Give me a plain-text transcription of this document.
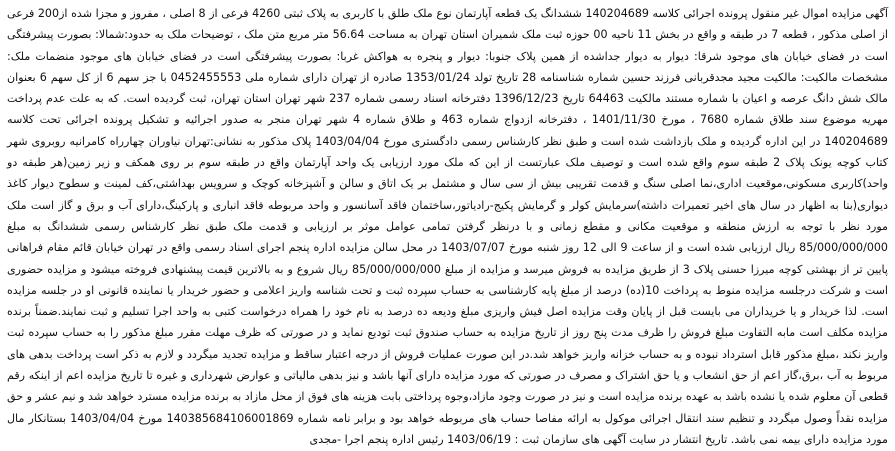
آگهی مزایده اموال غیر منقول پرونده اجرائی کلاسه 140204689 ششدانگ یک قطعه آپارتمان نوع ملک طلق با کاربری به پلاک ثبتی 4260 فرعی از 8 اصلی ، مفروز و مجزا شده از200 فرعی از اصلی مذکور ، قطعه 7 در طبقه و واقع در بخش 11 ناحیه 00 حوزه ثبت ملک شمیران استان تهران به مساحت 56.64 متر مربع متن ملک ، توضیحات ملک به حدود:شمالا: بصورت پیشرفتگی است در فضای خیابان های موجود شرقا: دیوار به دیوار جداشده از همین پلاک جنوبا: دیوار و پنجره به هواکش غربا: بصورت پیشرفتگی است در فضای خیابان های موجود منضمات ملک: مشخصات مالکیت: مالکیت مجید مجدقربانی فرزند حسین شماره شناسنامه 28 تاریخ تولد 1353/01/24 صادره از تهران دارای شماره ملی 0452455553 با جز سهم 6 از کل سهم 6 بعنوان مالک شش دانگ عرصه و اعیان با شماره مستند مالکیت 64463 تاریخ 1396/12/23 دفترخانه اسناد رسمی شماره 237 شهر تهران استان تهران، ثبت گردیده است. که به علت عدم پرداخت مهریه موضوع سند طلاق شماره 7680 ، مورخ 1401/11/30 ، دفترخانه ازدواج شماره 463 و طلاق شماره 4 شهر تهران منجر به صدور اجرائیه و تشکیل پرونده اجرائی تحت کلاسه 140204689 در این اداره گردیده و ملک بازداشت شده است و طبق نظر کارشناس رسمی دادگستری مورخ 1403/04/04 پلاک مذکور به نشانی:تهران نیاوران چهارراه کامرانیه روبروی شهر کتاب کوچه یونک پلاک 2 طبقه سوم واقع شده است و توصیف ملک عبارتست از این که ملک مورد ارزیابی یک واحد آپارتمان واقع در طبقه سوم بر روی همکف و زیر زمین(هر طبقه دو واحد)کاربری مسکونی،موقعیت اداری،نما اصلی سنگ و قدمت تقریبی بیش از سی سال و مشتمل بر یک اتاق و سالن و آشپزخانه کوچک و سرویس بهداشتی،کف لمینت و سطوح دیوار کاغذ دیواری(بنا به اظهار در سال های اخیر تعمیرات داشته)سرمایش کولر و گرمایش پکیج-رادیاتور،ساختمان فاقد آسانسور و واحد مربوطه فاقد انباری و پارکینگ،دارای آب و برق و گاز است ملک مورد نظر با توجه به ارزش منطقه و موقعیت مکانی و مقطع زمانی و با درنظر گرفتن تمامی عوامل موثر بر ارزیابی و قدمت ملک طبق نظر کارشناس رسمی ششدانگ به مبلغ 85/000/000/000 ریال ارزیابی شده است و از ساعت 9 الی 12 روز شنبه مورخ 1403/07/07 در محل سالن مزایده اداره پنجم اجرای اسناد رسمی واقع در تهران خیابان قائم مقام فراهانی پایین تر از بهشتی کوچه میرزا حسنی پلاک 3 از طریق مزایده به فروش میرسد و مزایده از مبلغ 85/000/000/000 ریال شروع و به بالاترین قیمت پیشنهادی فروخته میشود و مزایده حضوری است و شرکت درجلسه مزایده منوط به پرداخت 10(ده) درصد از مبلغ پایه کارشناسی به حساب سپرده ثبت و تحت شناسه واریز اعلامی و حضور خریدار یا نماینده قانونی او در جلسه مزایده است. لذا خریدار و یا خریداران می بایست قبل از پایان وقت مزایده اصل فیش واریزی مبلغ ودیعه ده درصد به نام خود را همراه درخواست کتبی به واحد اجرا تسلیم و ثبت نمایند.ضمناً برنده مزایده مکلف است مابه التفاوت مبلغ فروش را ظرف مدت پنج روز از تاریخ مزایده به حساب صندوق ثبت تودیع نماید و در صورتی که ظرف مهلت مقرر مبلغ مذکور را به حساب سپرده ثبت واریز نکند ،مبلغ مذکور قابل استرداد نبوده و به حساب خزانه واریز خواهد شد.در این صورت عملیات فروش از درجه اعتبار ساقط و مزایده تجدید میگردد و لازم به ذکر است پرداخت بدهی های مربوط به آب ،برق،گاز اعم از حق انشعاب و یا حق اشتراک و مصرف در صورتی که مورد مزایده دارای آنها باشد و نیز بدهی مالیاتی و عوارض شهرداری و غیره تا تاریخ مزایده اعم از اینکه رقم قطعی آن معلوم شده یا نشده باشد به عهده برنده مزایده است و نیز در صورت وجود مازاد،وجوه پرداختی بابت هزینه های فوق از محل مازاد به برنده مزایده مسترد خواهد شد و نیم عشر و حق مزایده نقداً وصول میگردد و تنظیم سند انتقال اجرائی موکول به ارائه مفاصا حساب های مربوطه خواهد بود و برابر نامه شماره 140385684106001869 مورخ 1403/04/04 بستانکار مال مورد مزایده دارای بیمه نمی باشد. تاریخ انتشار در سایت آگهی های سازمان ثبت : 1403/06/19 رئیس اداره پنجم اجرا -مجدی
